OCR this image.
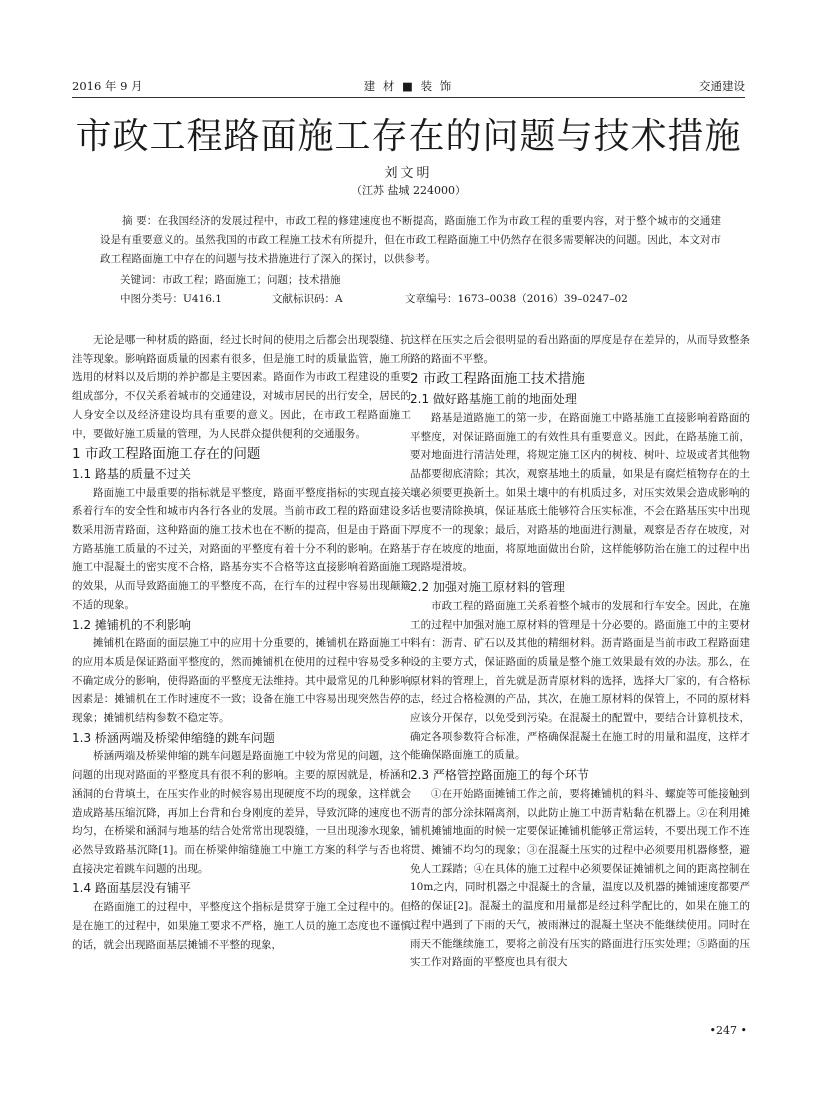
2016 年 9 月	建 材 ■ 装 饰	交通建设
市政工程路面施工存在的问题与技术措施
刘文明
（江苏 盐城 224000）

摘 要：在我国经济的发展过程中，市政工程的修建速度也不断提高，路面施工作为市政工程的重要内容，对于整个城市的交通建设是有重要意义的。虽然我国的市政工程施工技术有所提升，但在市政工程路面施工中仍然存在很多需要解决的问题。因此，本文对市政工程路面施工中存在的问题与技术措施进行了深入的探讨，以供参考。

关键词：市政工程；路面施工；问题；技术措施
中图分类号：U416.1	文献标识码：A	文章编号：1673–0038（2016）39–0247–02

无论是哪一种材质的路面，经过长时间的使用之后都会出现裂缝、抗洼等现象。影响路面质量的因素有很多，但是施工时的质量监管，施工所选用的材料以及后期的养护都是主要因素。路面作为市政工程建设的重要组成部分，不仅关系着城市的交通建设，对城市居民的出行安全，居民的人身安全以及经济建设均具有重要的意义。因此，在市政工程路面施工中，要做好施工质量的管理，为人民群众提供便利的交通服务。

1 市政工程路面施工存在的问题
1.1 路基的质量不过关

路面施工中最重要的指标就是平整度，路面平整度指标的实现直接关系着行车的安全性和城市内各行各业的发展。当前市政工程的路面建设多数采用沥青路面，这种路面的施工技术也在不断的提高，但是由于路面下方路基施工质量的不过关，对路面的平整度有着十分不利的影响。在路基施工中混凝土的密实度不合格，路基夯实不合格等这直接影响着路面施工的效果，从而导致路面施工的平整度不高，在行车的过程中容易出现颠簸不适的现象。

1.2 摊铺机的不利影响

摊铺机在路面的面层施工中的应用十分重要的，摊铺机在路面施工中的应用本质是保证路面平整度的，然而摊铺机在使用的过程中容易受多种不确定成分的影响，使得路面的平整度无法维持。其中最常见的几种影响因素是：摊铺机在工作时速度不一致；设备在施工中容易出现突然告停的现象；摊铺机结构参数不稳定等。

1.3 桥涵两端及桥梁伸缩缝的跳车问题

桥涵两端及桥梁伸缩的跳车问题是路面施工中较为常见的问题，这个问题的出现对路面的平整度具有很不利的影响。主要的原因就是，桥涵和涵洞的台背填土，在压实作业的时候容易出现硬度不均的现象，这样就会造成路基压缩沉降，再加上台背和台身刚度的差异，导致沉降的速度也不均匀，在桥梁和涵洞与地基的结合处常常出现裂缝，一旦出现渗水现象，必然导致路基沉降[1]。而在桥梁伸缩缝施工中施工方案的科学与否也将直接决定着跳车问题的出现。

1.4 路面基层没有铺平

在路面施工的过程中，平整度这个指标是贯穿于施工全过程中的。但是在施工的过程中，如果施工要求不严格，施工人员的施工态度也不谨慎的话，就会出现路面基层摊铺不平整的现象，

这样在压实之后会很明显的看出路面的厚度是存在差异的，从而导致整条路的路面不平整。

2 市政工程路面施工技术措施
2.1 做好路基施工前的地面处理

路基是道路施工的第一步，在路面施工中路基施工直接影响着路面的平整度，对保证路面施工的有效性具有重要意义。因此，在路基施工前，要对地面进行清洁处理，将规定施工区内的树枝、树叶、垃圾或者其他物品都要彻底清除；其次，观察基地土的质量，如果是有腐烂植物存在的土壤必须要更换新土。如果土壤中的有机质过多，对压实效果会造成影响的话也要清除换填，保证基底土能够符合压实标准，不会在路基压实中出现厚度不一的现象；最后，对路基的地面进行测量，观察是否存在坡度，对于存在坡度的地面，将原地面做出台阶，这样能够防治在施工的过程中出现路堤滑坡。

2.2 加强对施工原材料的管理

市政工程的路面施工关系着整个城市的发展和行车安全。因此，在施工的过程中加强对施工原材料的管理是十分必要的。路面施工中的主要材料有：沥青、矿石以及其他的精细材料。沥青路面是当前市政工程路面建设的主要方式，保证路面的质量是整个施工效果最有效的办法。那么，在原材料的管理上，首先就是沥青原材料的选择，选择大厂家的，有合格标志，经过合格检测的产品，其次，在施工原材料的保管上，不同的原材料应该分开保存，以免受到污染。在混凝土的配置中，要结合计算机技术，确定各项参数符合标准，严格确保混凝土在施工时的用量和温度，这样才能确保路面施工的质量。

2.3 严格管控路面施工的每个环节

①在开始路面摊铺工作之前，要将摊铺机的料斗、螺旋等可能接触到沥青的部分涂抹隔离剂，以此防止施工中沥青粘黏在机器上。②在利用摊铺机摊铺地面的时候一定要保证摊铺机能够正常运转，不要出现工作不连贯、摊铺不均匀的现象；③在混凝土压实的过程中必须要用机器修整，避免人工踩踏；④在具体的施工过程中必须要保证摊铺机之间的距离控制在10m之内，同时机器之中混凝土的含量，温度以及机器的摊铺速度都要严格的保证[2]。混凝土的温度和用量都是经过科学配比的，如果在施工的过程中遇到了下雨的天气，被雨淋过的混凝土坚决不能继续使用。同时在雨天不能继续施工，要将之前没有压实的路面进行压实处理；⑤路面的压实工作对路面的平整度也具有很大

•247 •
